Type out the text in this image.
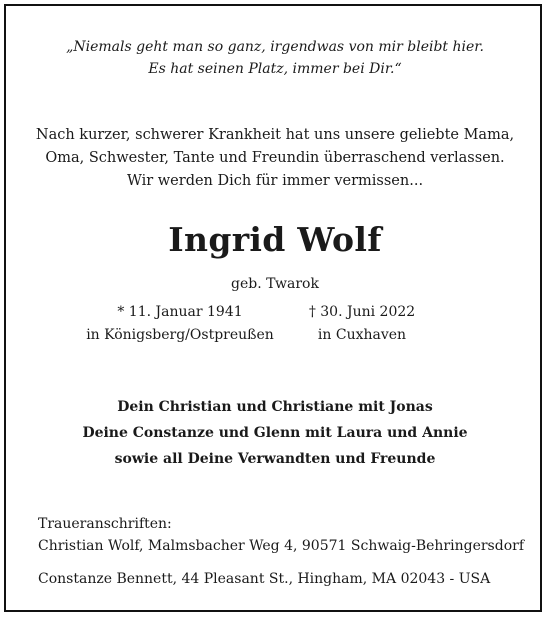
„Niemals geht man so ganz, irgendwas von mir bleibt hier.
Es hat seinen Platz, immer bei Dir.“
Nach kurzer, schwerer Krankheit hat uns unsere geliebte Mama,
Oma, Schwester, Tante und Freundin überraschend verlassen.
Wir werden Dich für immer vermissen...
Ingrid Wolf
geb. Twarok
* 11. Januar 1941
in Königsberg/Ostpreußen
† 30. Juni 2022
in Cuxhaven
Dein Christian und Christiane mit Jonas
Deine Constanze und Glenn mit Laura und Annie
sowie all Deine Verwandten und Freunde
Traueranschriften:
Christian Wolf, Malmsbacher Weg 4, 90571 Schwaig-Behringersdorf
Constanze Bennett, 44 Pleasant St., Hingham, MA 02043 - USA
